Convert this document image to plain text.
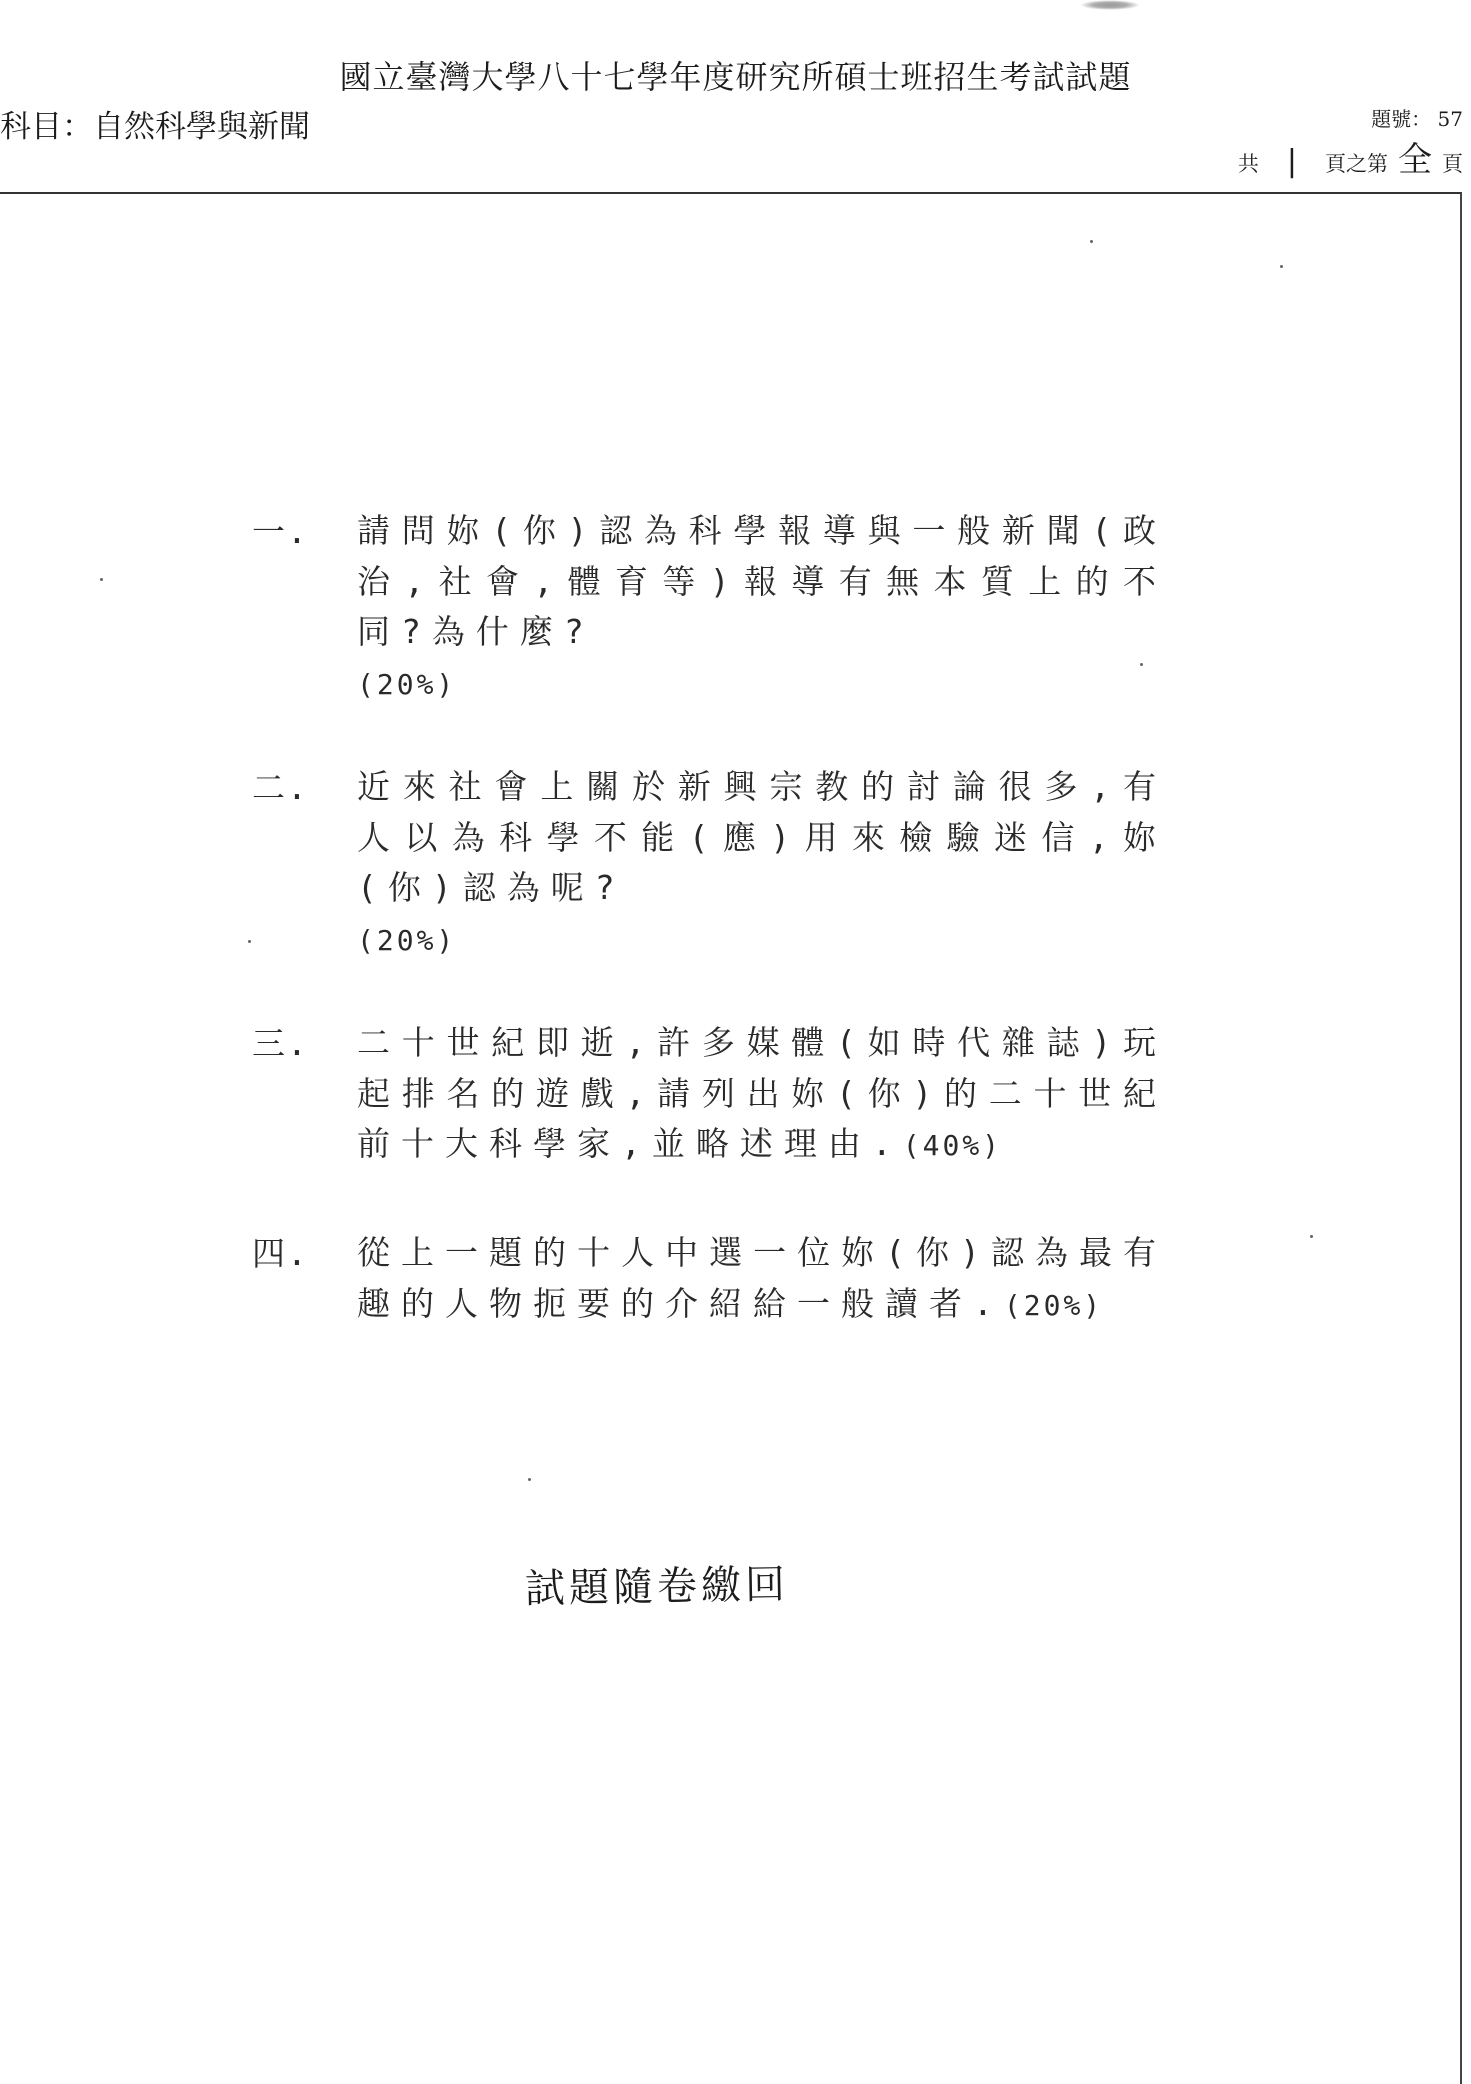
國立臺灣大學八十七學年度研究所碩士班招生考試試題
科目：自然科學與新聞	題號： 57
共 | 頁之第 全 頁
一.	請問妳(你)認為科學報導與一般新聞(政治,社會,體育等)報導有無本質上的不同?為什麼?
(20%)
二.	近來社會上關於新興宗教的討論很多,有人以為科學不能(應)用來檢驗迷信,妳(你)認為呢?
(20%)
三.	二十世紀即逝,許多媒體(如時代雜誌)玩起排名的遊戲,請列出妳(你)的二十世紀前十大科學家,並略述理由.(40%)
四.	從上一題的十人中選一位妳(你)認為最有趣的人物扼要的介紹給一般讀者.(20%)
試題隨卷繳回
